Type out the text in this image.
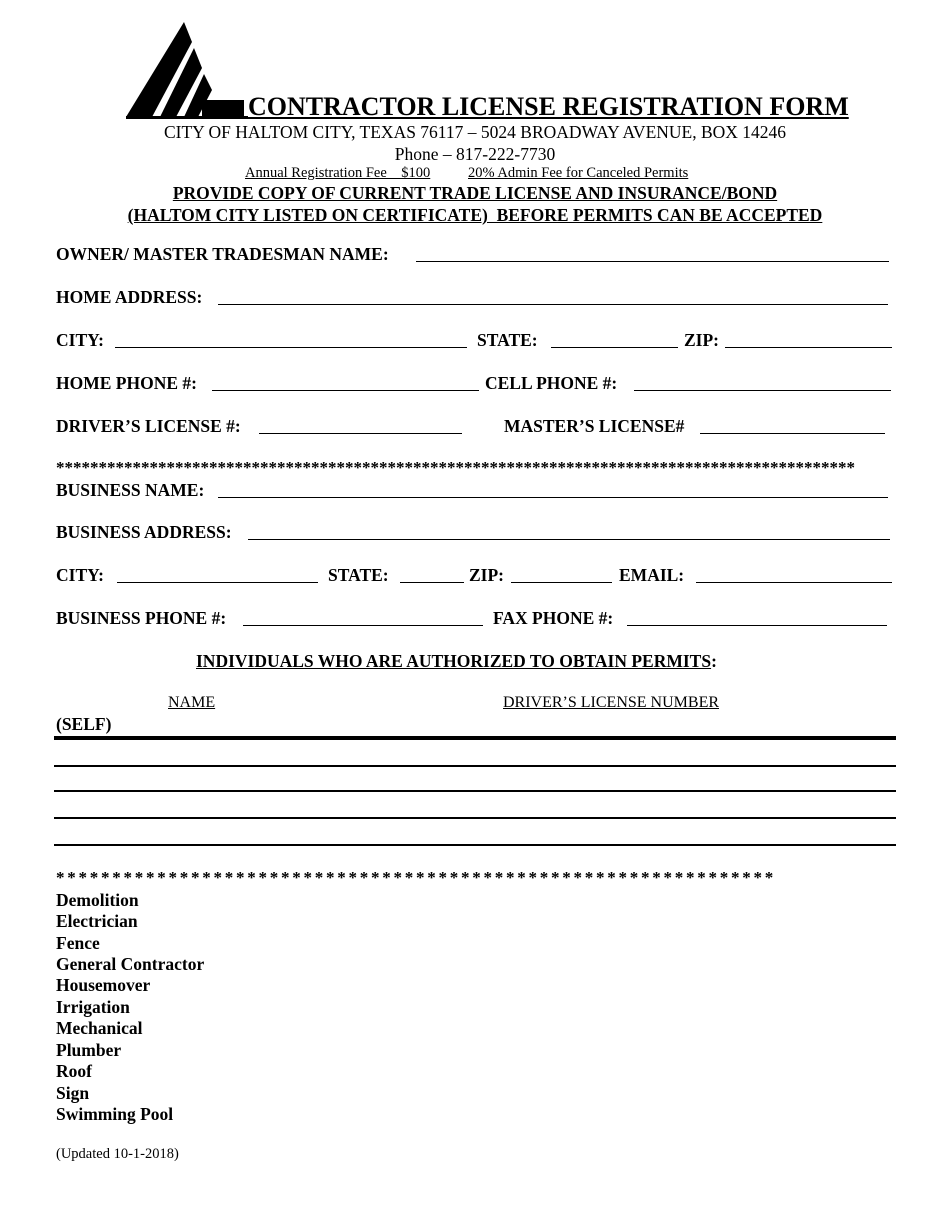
CONTRACTOR LICENSE REGISTRATION FORM
CITY OF HALTOM CITY, TEXAS 76117 – 5024 BROADWAY AVENUE, BOX 14246
Phone – 817-222-7730
Annual Registration Fee    $100	20% Admin Fee for Canceled Permits
PROVIDE COPY OF CURRENT TRADE LICENSE AND INSURANCE/BOND
(HALTOM CITY LISTED ON CERTIFICATE)  BEFORE PERMITS CAN BE ACCEPTED
OWNER/ MASTER TRADESMAN NAME:
HOME ADDRESS:
CITY:	STATE:	ZIP:
HOME PHONE #:	CELL PHONE #:
DRIVER’S LICENSE #:	MASTER’S LICENSE#
**********************************************************************************************
BUSINESS NAME:
BUSINESS ADDRESS:
CITY:	STATE:	ZIP:	EMAIL:
BUSINESS PHONE #:	FAX PHONE #:
INDIVIDUALS WHO ARE AUTHORIZED TO OBTAIN PERMITS:
NAME	DRIVER’S LICENSE NUMBER
(SELF)
* * * * * * * * * * * * * * * * * * * * * * * * * * * * * * * * * * * * * * * * * * * * * * * * * * * * * * * * * * * * * * * *
Demolition
Electrician
Fence
General Contractor
Housemover
Irrigation
Mechanical
Plumber
Roof
Sign
Swimming Pool
(Updated 10-1-2018)
